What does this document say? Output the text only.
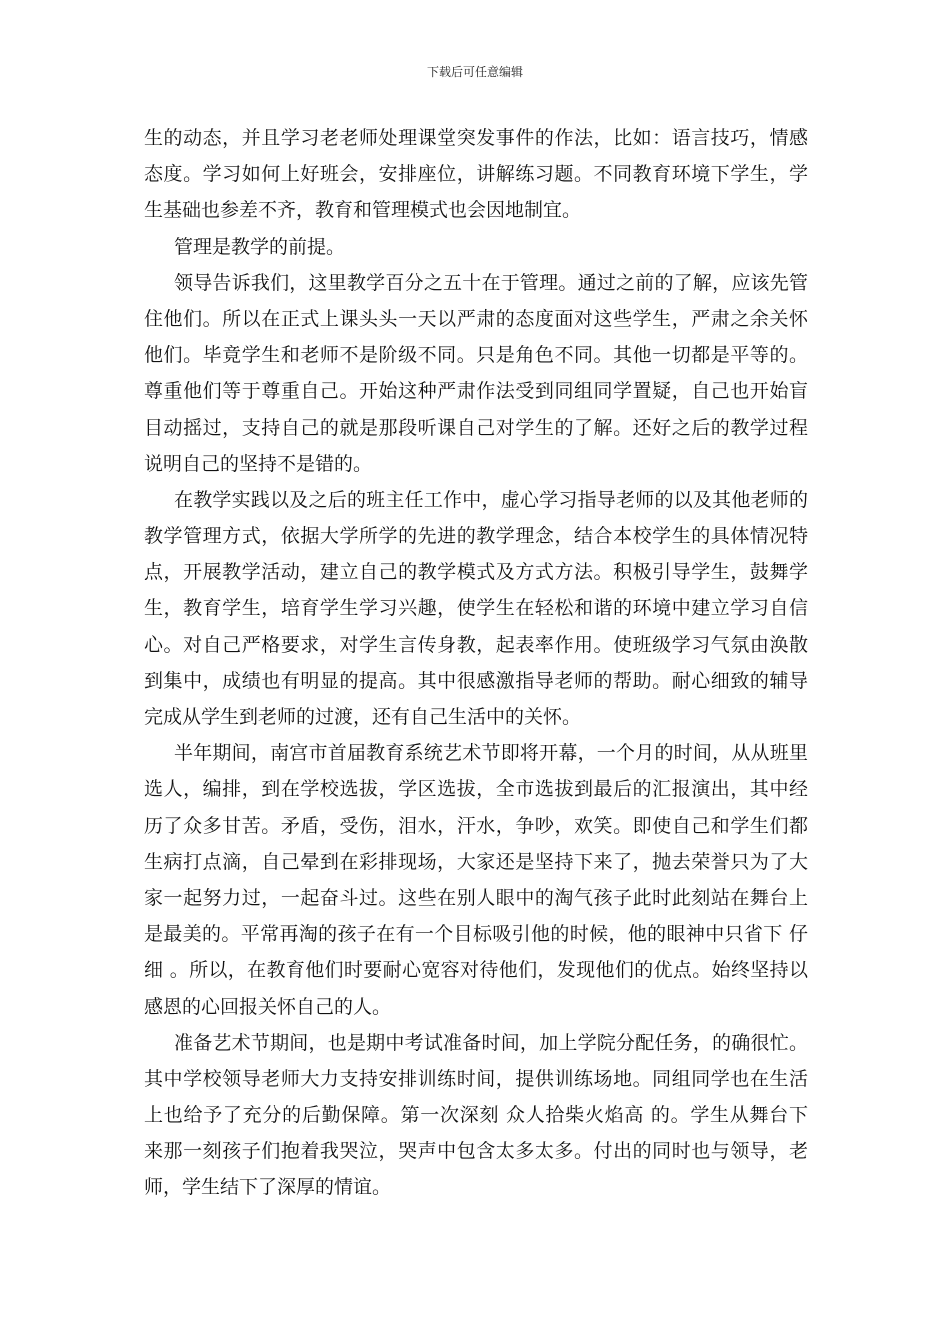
下载后可任意编辑
生的动态，并且学习老老师处理课堂突发事件的作法，比如：语言技巧，情感
态度。学习如何上好班会，安排座位，讲解练习题。不同教育环境下学生，学
生基础也参差不齐，教育和管理模式也会因地制宜。
管理是教学的前提。
领导告诉我们，这里教学百分之五十在于管理。通过之前的了解，应该先管
住他们。所以在正式上课头头一天以严肃的态度面对这些学生，严肃之余关怀
他们。毕竟学生和老师不是阶级不同。只是角色不同。其他一切都是平等的。
尊重他们等于尊重自己。开始这种严肃作法受到同组同学置疑，自己也开始盲
目动摇过，支持自己的就是那段听课自己对学生的了解。还好之后的教学过程
说明自己的坚持不是错的。
在教学实践以及之后的班主任工作中，虚心学习指导老师的以及其他老师的
教学管理方式，依据大学所学的先进的教学理念，结合本校学生的具体情况特
点，开展教学活动，建立自己的教学模式及方式方法。积极引导学生，鼓舞学
生，教育学生，培育学生学习兴趣，使学生在轻松和谐的环境中建立学习自信
心。对自己严格要求，对学生言传身教，起表率作用。使班级学习气氛由涣散
到集中，成绩也有明显的提高。其中很感激指导老师的帮助。耐心细致的辅导
完成从学生到老师的过渡，还有自己生活中的关怀。
半年期间，南宫市首届教育系统艺术节即将开幕，一个月的时间，从从班里
选人，编排，到在学校选拔，学区选拔，全市选拔到最后的汇报演出，其中经
历了众多甘苦。矛盾，受伤，泪水，汗水，争吵，欢笑。即使自己和学生们都
生病打点滴，自己晕到在彩排现场，大家还是坚持下来了，抛去荣誉只为了大
家一起努力过，一起奋斗过。这些在别人眼中的淘气孩子此时此刻站在舞台上
是最美的。平常再淘的孩子在有一个目标吸引他的时候，他的眼神中只省下 仔
细 。所以，在教育他们时要耐心宽容对待他们，发现他们的优点。始终坚持以
感恩的心回报关怀自己的人。
准备艺术节期间，也是期中考试准备时间，加上学院分配任务，的确很忙。
其中学校领导老师大力支持安排训练时间，提供训练场地。同组同学也在生活
上也给予了充分的后勤保障。第一次深刻 众人拾柴火焰高 的。学生从舞台下
来那一刻孩子们抱着我哭泣，哭声中包含太多太多。付出的同时也与领导，老
师，学生结下了深厚的情谊。
